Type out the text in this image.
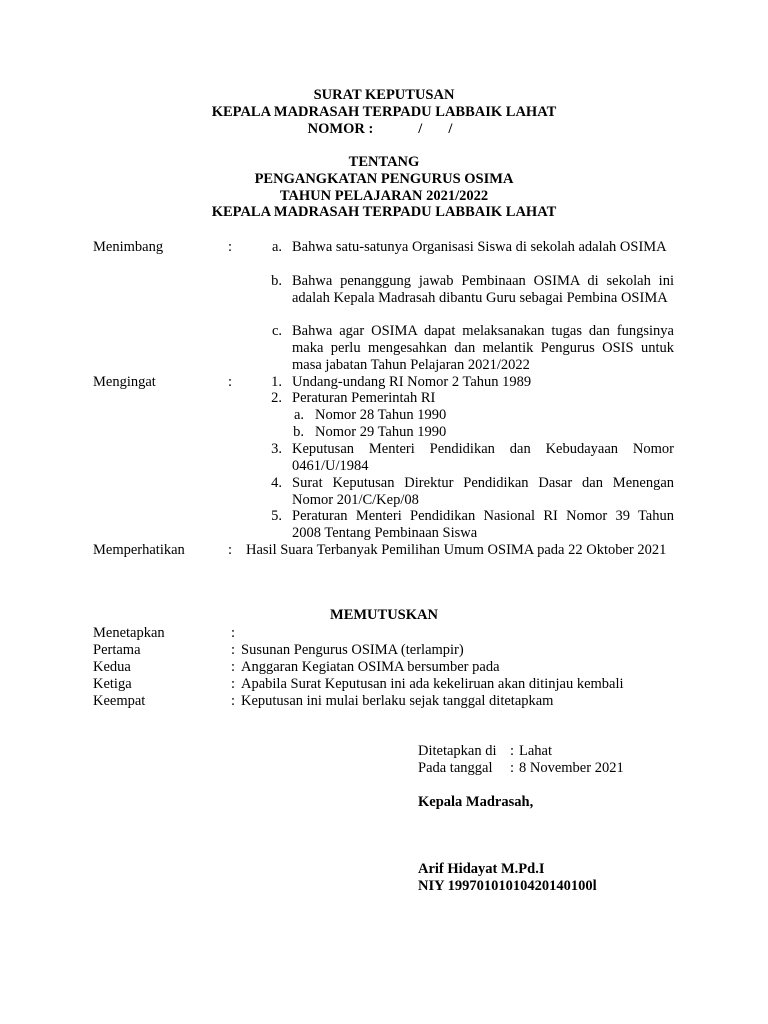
SURAT KEPUTUSAN
KEPALA MADRASAH TERPADU LABBAIK LAHAT
NOMOR :	/ /
TENTANG
PENGANGKATAN PENGURUS OSIMA
TAHUN PELAJARAN 2021/2022
KEPALA MADRASAH TERPADU LABBAIK LAHAT
Menimbang	:	a. Bahwa satu-satunya Organisasi Siswa di sekolah adalah OSIMA
b. Bahwa penanggung jawab Pembinaan OSIMA di sekolah ini adalah Kepala Madrasah dibantu Guru sebagai Pembina OSIMA
c. Bahwa agar OSIMA dapat melaksanakan tugas dan fungsinya maka perlu mengesahkan dan melantik Pengurus OSIS untuk masa jabatan Tahun Pelajaran 2021/2022
Mengingat	:	1. Undang-undang RI Nomor 2 Tahun 1989
2. Peraturan Pemerintah RI
a. Nomor 28 Tahun 1990
b. Nomor 29 Tahun 1990
3. Keputusan Menteri Pendidikan dan Kebudayaan Nomor 0461/U/1984
4. Surat Keputusan Direktur Pendidikan Dasar dan Menengan Nomor 201/C/Kep/08
5. Peraturan Menteri Pendidikan Nasional RI Nomor 39 Tahun 2008 Tentang Pembinaan Siswa
Memperhatikan	: Hasil Suara Terbanyak Pemilihan Umum OSIMA pada 22 Oktober 2021
MEMUTUSKAN
Menetapkan	:
Pertama	: Susunan Pengurus OSIMA (terlampir)
Kedua	: Anggaran Kegiatan OSIMA bersumber pada
Ketiga	: Apabila Surat Keputusan ini ada kekeliruan akan ditinjau kembali
Keempat	: Keputusan ini mulai berlaku sejak tanggal ditetapkam
Ditetapkan di : Lahat
Pada tanggal : 8 November 2021
Kepala Madrasah,
Arif Hidayat M.Pd.I
NIY 19970101010420140100l
